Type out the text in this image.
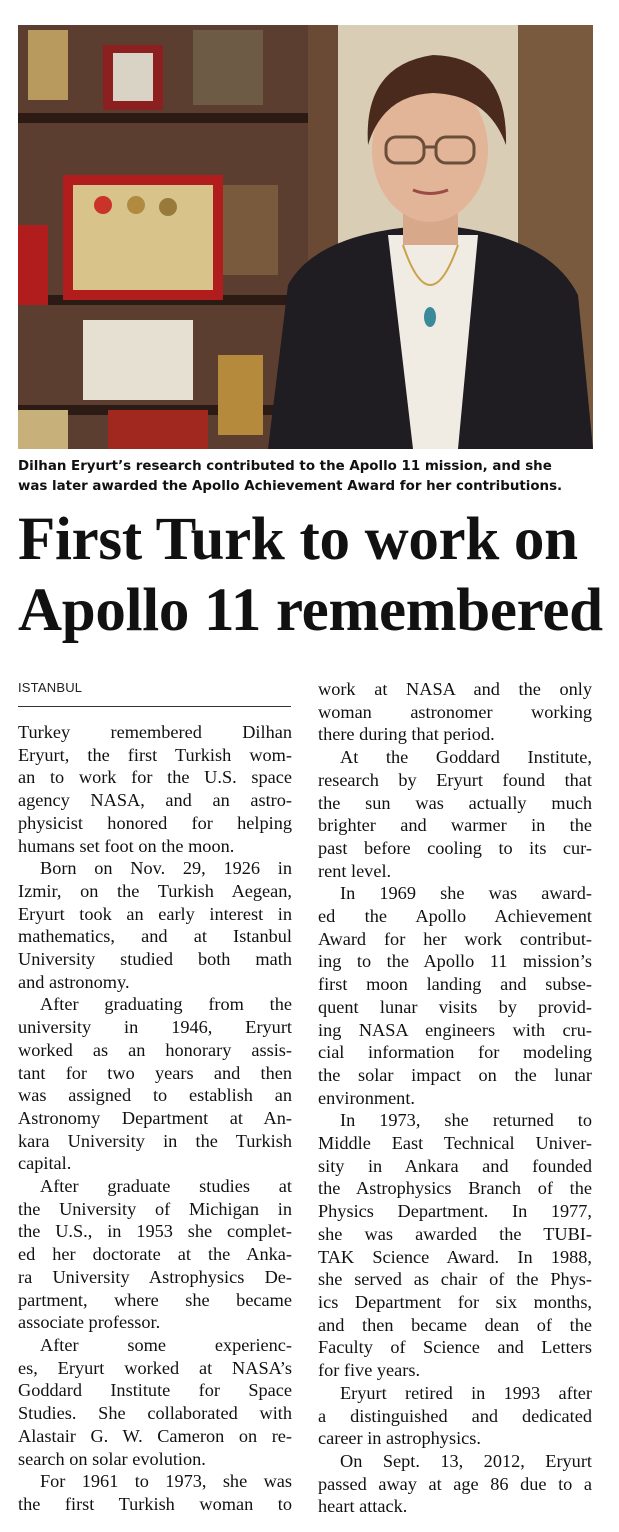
Dilhan Eryurt’s research contributed to the Apollo 11 mission, and she
was later awarded the Apollo Achievement Award for her contributions.
First Turk to work on
Apollo 11 remembered
ISTANBUL
Turkey remembered Dilhan
Eryurt, the first Turkish wom-
an to work for the U.S. space
agency NASA, and an astro-
physicist honored for helping
humans set foot on the moon.
Born on Nov. 29, 1926 in
Izmir, on the Turkish Aegean,
Eryurt took an early interest in
mathematics, and at Istanbul
University studied both math
and astronomy.
After graduating from the
university in 1946, Eryurt
worked as an honorary assis-
tant for two years and then
was assigned to establish an
Astronomy Department at An-
kara University in the Turkish
capital.
After graduate studies at
the University of Michigan in
the U.S., in 1953 she complet-
ed her doctorate at the Anka-
ra University Astrophysics De-
partment, where she became
associate professor.
After some experienc-
es, Eryurt worked at NASA’s
Goddard Institute for Space
Studies. She collaborated with
Alastair G. W. Cameron on re-
search on solar evolution.
For 1961 to 1973, she was
the first Turkish woman to
work at NASA and the only
woman astronomer working
there during that period.
At the Goddard Institute,
research by Eryurt found that
the sun was actually much
brighter and warmer in the
past before cooling to its cur-
rent level.
In 1969 she was award-
ed the Apollo Achievement
Award for her work contribut-
ing to the Apollo 11 mission’s
first moon landing and subse-
quent lunar visits by provid-
ing NASA engineers with cru-
cial information for modeling
the solar impact on the lunar
environment.
In 1973, she returned to
Middle East Technical Univer-
sity in Ankara and founded
the Astrophysics Branch of the
Physics Department. In 1977,
she was awarded the TUBI-
TAK Science Award. In 1988,
she served as chair of the Phys-
ics Department for six months,
and then became dean of the
Faculty of Science and Letters
for five years.
Eryurt retired in 1993 after
a distinguished and dedicated
career in astrophysics.
On Sept. 13, 2012, Eryurt
passed away at age 86 due to a
heart attack.
